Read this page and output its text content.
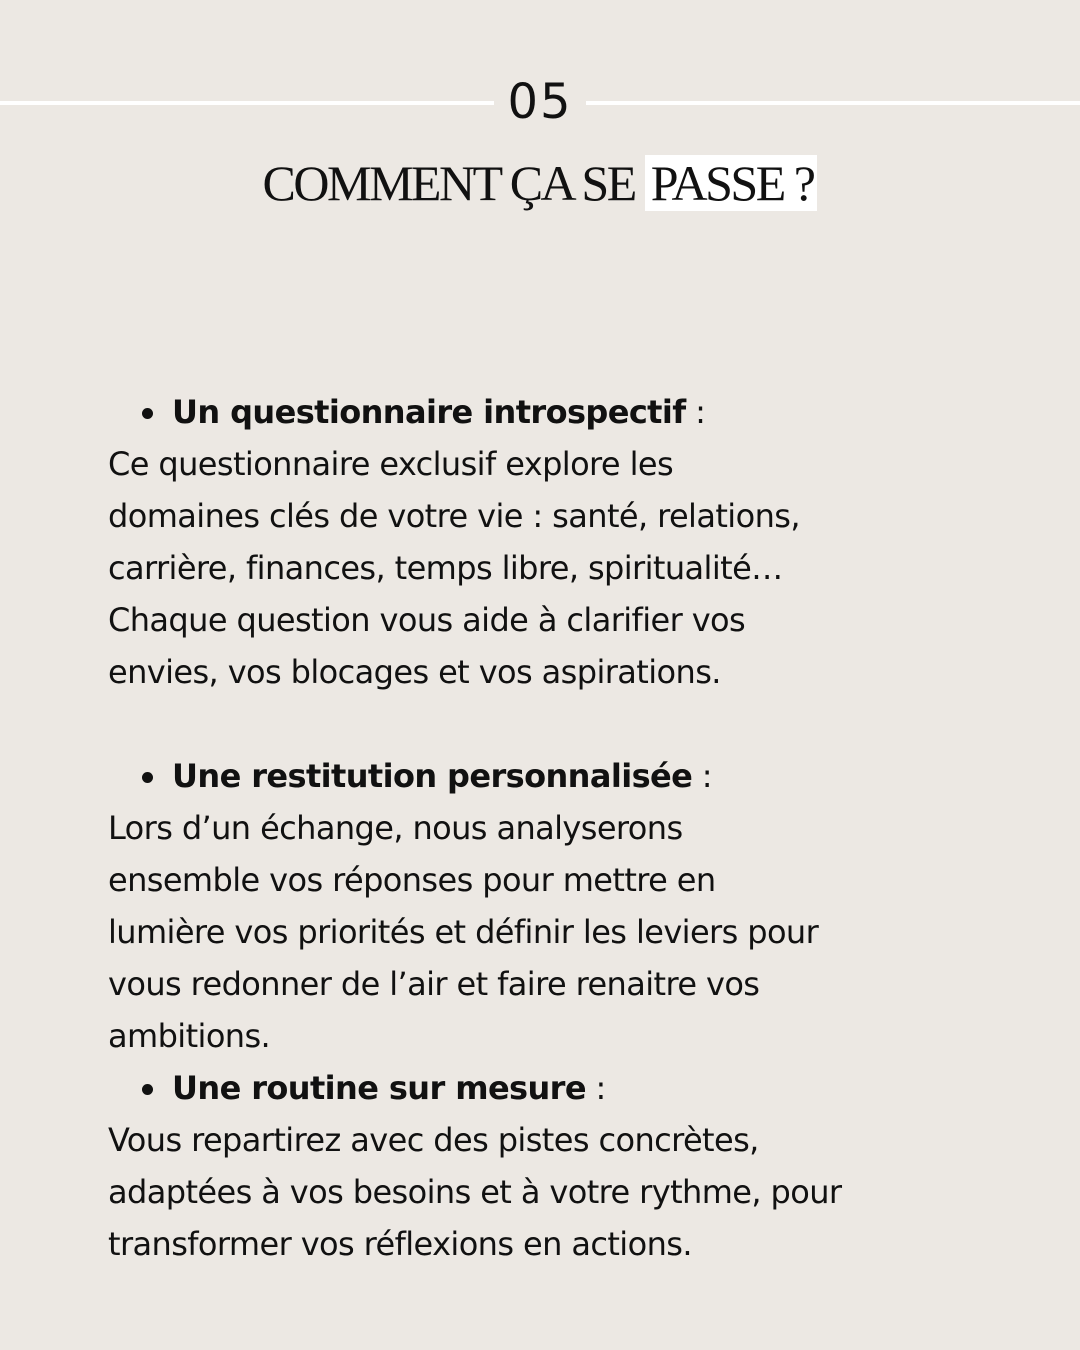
05
COMMENT ÇA SE PASSE ?
Un questionnaire introspectif :
Ce questionnaire exclusif explore les
domaines clés de votre vie : santé, relations,
carrière, finances, temps libre, spiritualité…
Chaque question vous aide à clarifier vos
envies, vos blocages et vos aspirations.
Une restitution personnalisée :
Lors d’un échange, nous analyserons
ensemble vos réponses pour mettre en
lumière vos priorités et définir les leviers pour
vous redonner de l’air et faire renaitre vos
ambitions.
Une routine sur mesure :
Vous repartirez avec des pistes concrètes,
adaptées à vos besoins et à votre rythme, pour
transformer vos réflexions en actions.
